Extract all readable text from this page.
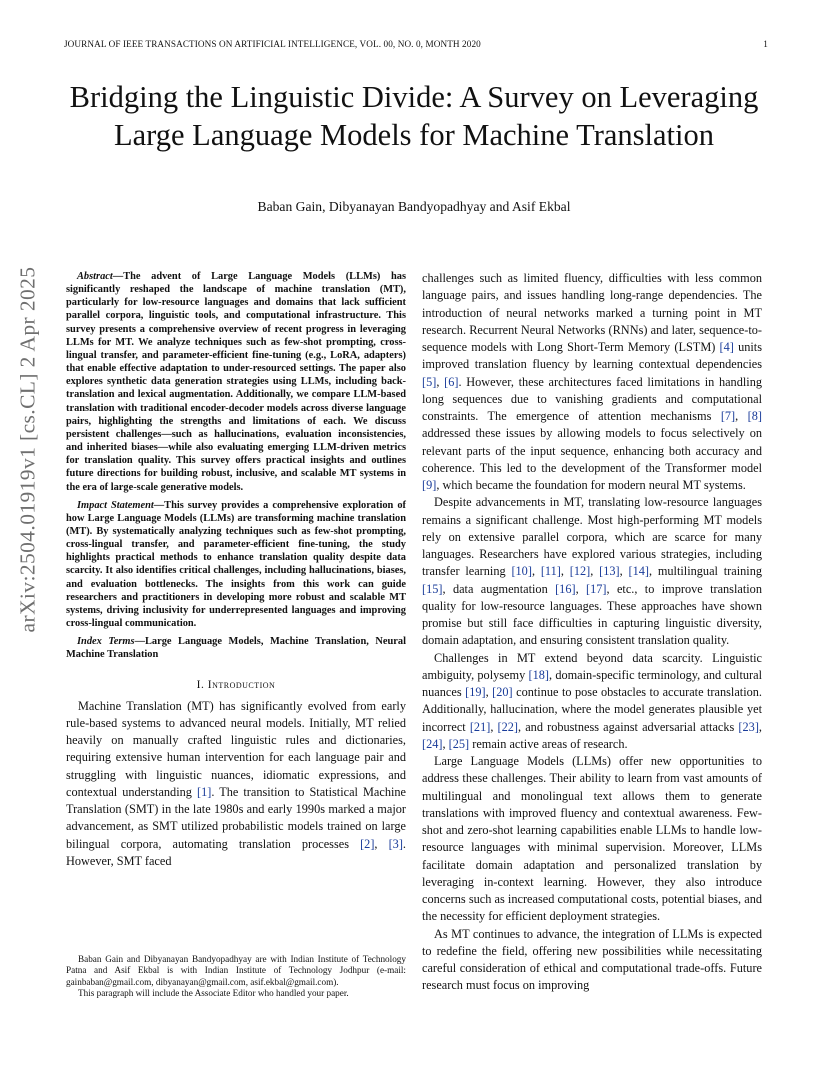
JOURNAL OF IEEE TRANSACTIONS ON ARTIFICIAL INTELLIGENCE, VOL. 00, NO. 0, MONTH 2020	1
arXiv:2504.01919v1 [cs.CL] 2 Apr 2025
Bridging the Linguistic Divide: A Survey on Leveraging Large Language Models for Machine Translation
Baban Gain, Dibyanayan Bandyopadhyay and Asif Ekbal

Abstract—The advent of Large Language Models (LLMs) has significantly reshaped the landscape of machine translation (MT), particularly for low-resource languages and domains that lack sufficient parallel corpora, linguistic tools, and computational infrastructure. This survey presents a comprehensive overview of recent progress in leveraging LLMs for MT. We analyze techniques such as few-shot prompting, cross-lingual transfer, and parameter-efficient fine-tuning (e.g., LoRA, adapters) that enable effective adaptation to under-resourced settings. The paper also explores synthetic data generation strategies using LLMs, including back-translation and lexical augmentation. Additionally, we compare LLM-based translation with traditional encoder-decoder models across diverse language pairs, highlighting the strengths and limitations of each. We discuss persistent challenges—such as hallucinations, evaluation inconsistencies, and inherited biases—while also evaluating emerging LLM-driven metrics for translation quality. This survey offers practical insights and outlines future directions for building robust, inclusive, and scalable MT systems in the era of large-scale generative models.

Impact Statement—This survey provides a comprehensive exploration of how Large Language Models (LLMs) are transforming machine translation (MT). By systematically analyzing techniques such as few-shot prompting, cross-lingual transfer, and parameter-efficient fine-tuning, the study highlights practical methods to enhance translation quality despite data scarcity. It also identifies critical challenges, including hallucinations, biases, and evaluation bottlenecks. The insights from this work can guide researchers and practitioners in developing more robust and scalable MT systems, driving inclusivity for underrepresented languages and improving cross-lingual communication.

Index Terms—Large Language Models, Machine Translation, Neural Machine Translation

I. Introduction

Machine Translation (MT) has significantly evolved from early rule-based systems to advanced neural models. Initially, MT relied heavily on manually crafted linguistic rules and dictionaries, requiring extensive human intervention for each language pair and struggling with linguistic nuances, idiomatic expressions, and contextual understanding [1]. The transition to Statistical Machine Translation (SMT) in the late 1980s and early 1990s marked a major advancement, as SMT utilized probabilistic models trained on large bilingual corpora, automating translation processes [2], [3]. However, SMT faced

Baban Gain and Dibyanayan Bandyopadhyay are with Indian Institute of Technology Patna and Asif Ekbal is with Indian Institute of Technology Jodhpur (e-mail: gainbaban@gmail.com, dibyanayan@gmail.com, asif.ekbal@gmail.com).

This paragraph will include the Associate Editor who handled your paper.

challenges such as limited fluency, difficulties with less common language pairs, and issues handling long-range dependencies. The introduction of neural networks marked a turning point in MT research. Recurrent Neural Networks (RNNs) and later, sequence-to-sequence models with Long Short-Term Memory (LSTM) [4] units improved translation fluency by learning contextual dependencies [5], [6]. However, these architectures faced limitations in handling long sequences due to vanishing gradients and computational constraints. The emergence of attention mechanisms [7], [8] addressed these issues by allowing models to focus selectively on relevant parts of the input sequence, enhancing both accuracy and coherence. This led to the development of the Transformer model [9], which became the foundation for modern neural MT systems.

Despite advancements in MT, translating low-resource languages remains a significant challenge. Most high-performing MT models rely on extensive parallel corpora, which are scarce for many languages. Researchers have explored various strategies, including transfer learning [10], [11], [12], [13], [14], multilingual training [15], data augmentation [16], [17], etc., to improve translation quality for low-resource languages. These approaches have shown promise but still face difficulties in capturing linguistic diversity, domain adaptation, and ensuring consistent translation quality.

Challenges in MT extend beyond data scarcity. Linguistic ambiguity, polysemy [18], domain-specific terminology, and cultural nuances [19], [20] continue to pose obstacles to accurate translation. Additionally, hallucination, where the model generates plausible yet incorrect [21], [22], and robustness against adversarial attacks [23], [24], [25] remain active areas of research.

Large Language Models (LLMs) offer new opportunities to address these challenges. Their ability to learn from vast amounts of multilingual and monolingual text allows them to generate translations with improved fluency and contextual awareness. Few-shot and zero-shot learning capabilities enable LLMs to handle low-resource languages with minimal supervision. Moreover, LLMs facilitate domain adaptation and personalized translation by leveraging in-context learning. However, they also introduce concerns such as increased computational costs, potential biases, and the necessity for efficient deployment strategies.

As MT continues to advance, the integration of LLMs is expected to redefine the field, offering new possibilities while necessitating careful consideration of ethical and computational trade-offs. Future research must focus on improving
